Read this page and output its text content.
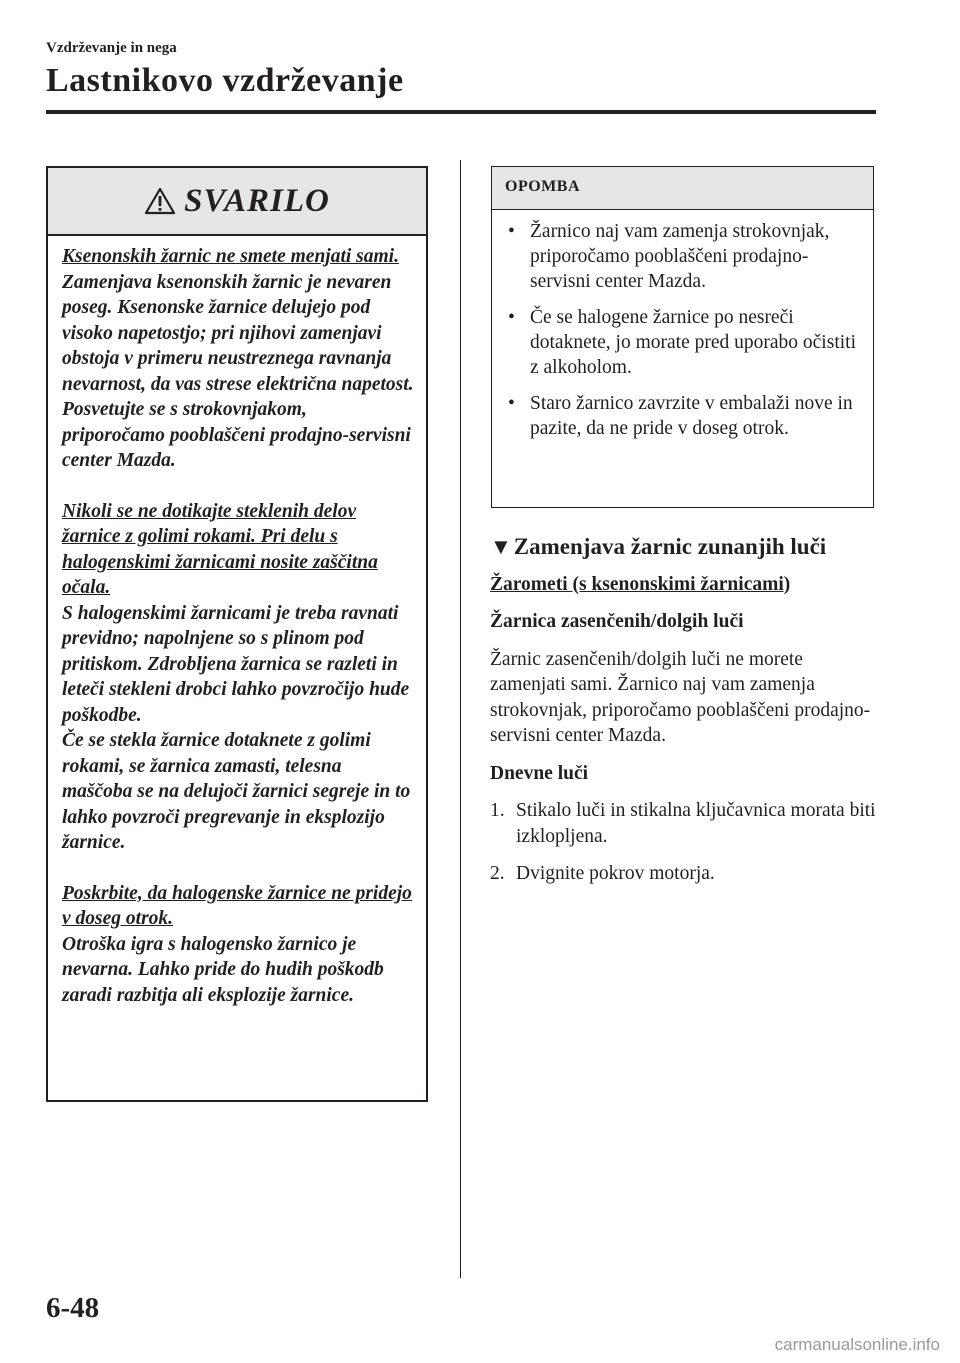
Vzdrževanje in nega
Lastnikovo vzdrževanje
SVARILO

Ksenonskih žarnic ne smete menjati sami.

Zamenjava ksenonskih žarnic je nevaren poseg. Ksenonske žarnice delujejo pod visoko napetostjo; pri njihovi zamenjavi obstoja v primeru neustreznega ravnanja nevarnost, da vas strese električna napetost. Posvetujte se s strokovnjakom, priporočamo pooblaščeni prodajno-servisni center Mazda.

Nikoli se ne dotikajte steklenih delov žarnice z golimi rokami. Pri delu s halogenskimi žarnicami nosite zaščitna očala.

S halogenskimi žarnicami je treba ravnati previdno; napolnjene so s plinom pod pritiskom. Zdrobljena žarnica se razleti in leteči stekleni drobci lahko povzročijo hude poškodbe.

Če se stekla žarnice dotaknete z golimi rokami, se žarnica zamasti, telesna maščoba se na delujoči žarnici segreje in to lahko povzroči pregrevanje in eksplozijo žarnice.

Poskrbite, da halogenske žarnice ne pridejo v doseg otrok.

Otroška igra s halogensko žarnico je nevarna. Lahko pride do hudih poškodb zaradi razbitja ali eksplozije žarnice.

OPOMBA
• Žarnico naj vam zamenja strokovnjak, priporočamo pooblaščeni prodajno-servisni center Mazda.
• Če se halogene žarnice po nesreči dotaknete, jo morate pred uporabo očistiti z alkoholom.
• Staro žarnico zavrzite v embalaži nove in pazite, da ne pride v doseg otrok.
▼ Zamenjava žarnic zunanjih luči

Žarometi (s ksenonskimi žarnicami)

Žarnica zasenčenih/dolgih luči

Žarnic zasenčenih/dolgih luči ne morete zamenjati sami. Žarnico naj vam zamenja strokovnjak, priporočamo pooblaščeni prodajno-servisni center Mazda.

Dnevne luči

1. Stikalo luči in stikalna ključavnica morata biti izklopljena.
2. Dvignite pokrov motorja.
6-48
carmanualsonline.info
